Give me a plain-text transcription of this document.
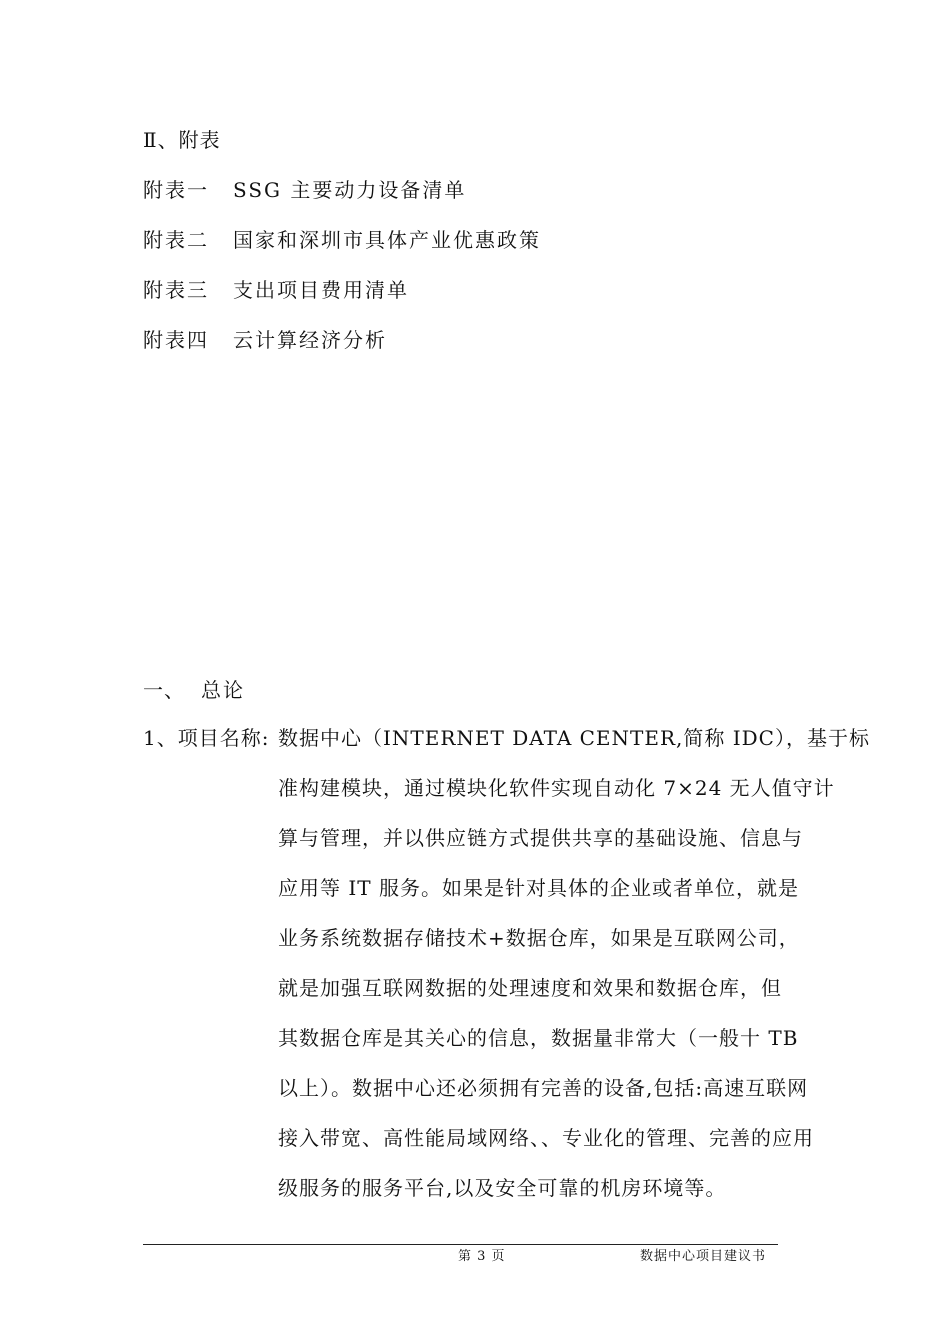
Ⅱ、附表
附表一 SSG 主要动力设备清单
附表二 国家和深圳市具体产业优惠政策
附表三 支出项目费用清单
附表四 云计算经济分析
一、 总论
1、项目名称: 数据中心（INTERNET DATA CENTER,简称 IDC），基于标
准构建模块，通过模块化软件实现自动化 7×24 无人值守计
算与管理，并以供应链方式提供共享的基础设施、信息与
应用等 IT 服务。如果是针对具体的企业或者单位，就是
业务系统数据存储技术+数据仓库，如果是互联网公司，
就是加强互联网数据的处理速度和效果和数据仓库，但
其数据仓库是其关心的信息，数据量非常大（一般十 TB
以上）。数据中心还必须拥有完善的设备,包括:高速互联网
接入带宽、高性能局域网络、、专业化的管理、完善的应用
级服务的服务平台,以及安全可靠的机房环境等。
第 3 页	数据中心项目建议书
